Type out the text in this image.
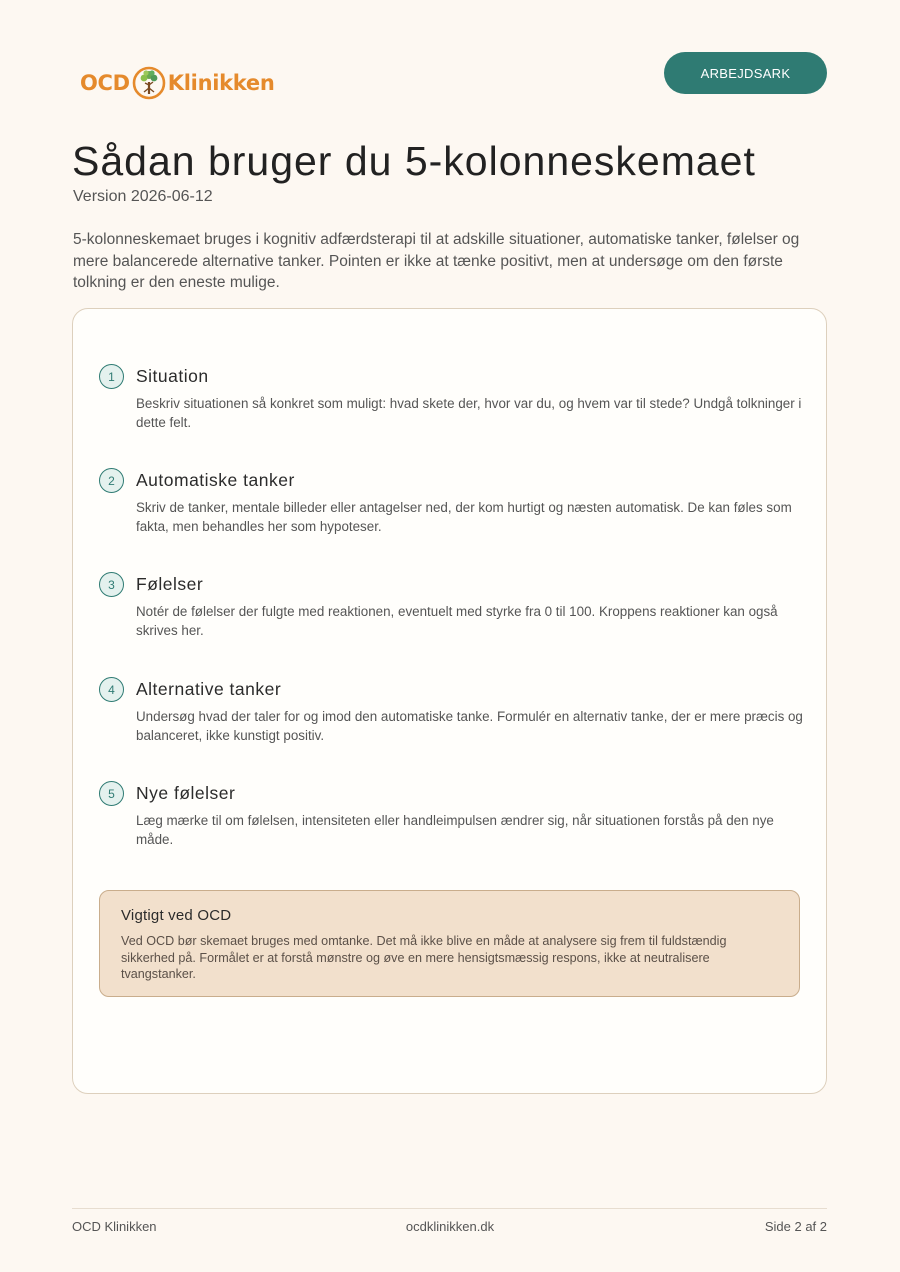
OCD Klinikken	ARBEJDSARK
Sådan bruger du 5-kolonneskemaet
Version 2026-06-12

5-kolonneskemaet bruges i kognitiv adfærdsterapi til at adskille situationer, automatiske tanker, følelser og mere balancerede alternative tanker. Pointen er ikke at tænke positivt, men at undersøge om den første tolkning er den eneste mulige.

1	Situation
Beskriv situationen så konkret som muligt: hvad skete der, hvor var du, og hvem var til stede? Undgå tolkninger i dette felt.
2	Automatiske tanker
Skriv de tanker, mentale billeder eller antagelser ned, der kom hurtigt og næsten automatisk. De kan føles som fakta, men behandles her som hypoteser.
3	Følelser
Notér de følelser der fulgte med reaktionen, eventuelt med styrke fra 0 til 100. Kroppens reaktioner kan også skrives her.
4	Alternative tanker
Undersøg hvad der taler for og imod den automatiske tanke. Formulér en alternativ tanke, der er mere præcis og balanceret, ikke kunstigt positiv.
5	Nye følelser
Læg mærke til om følelsen, intensiteten eller handleimpulsen ændrer sig, når situationen forstås på den nye måde.
Vigtigt ved OCD
Ved OCD bør skemaet bruges med omtanke. Det må ikke blive en måde at analysere sig frem til fuldstændig sikkerhed på. Formålet er at forstå mønstre og øve en mere hensigtsmæssig respons, ikke at neutralisere tvangstanker.
OCD Klinikken	ocdklinikken.dk	Side 2 af 2
